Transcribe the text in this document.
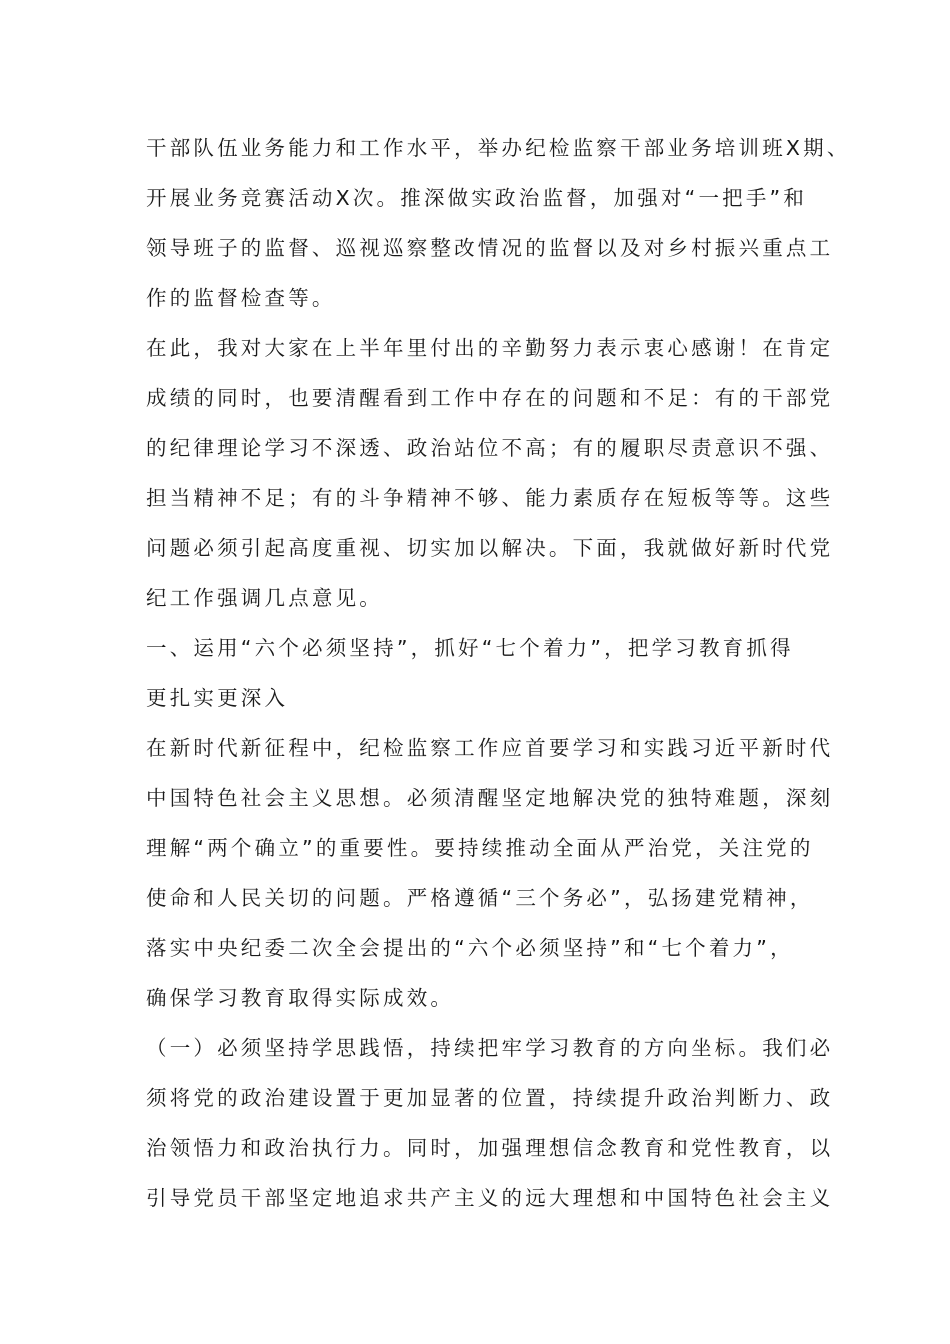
干部队伍业务能力和工作水平，举办纪检监察干部业务培训班X期、
开展业务竞赛活动X次。推深做实政治监督，加强对“一把手”和
领导班子的监督、巡视巡察整改情况的监督以及对乡村振兴重点工
作的监督检查等。
在此，我对大家在上半年里付出的辛勤努力表示衷心感谢！在肯定
成绩的同时，也要清醒看到工作中存在的问题和不足：有的干部党
的纪律理论学习不深透、政治站位不高；有的履职尽责意识不强、
担当精神不足；有的斗争精神不够、能力素质存在短板等等。这些
问题必须引起高度重视、切实加以解决。下面，我就做好新时代党
纪工作强调几点意见。
一、运用“六个必须坚持”，抓好“七个着力”，把学习教育抓得
更扎实更深入
在新时代新征程中，纪检监察工作应首要学习和实践习近平新时代
中国特色社会主义思想。必须清醒坚定地解决党的独特难题，深刻
理解“两个确立”的重要性。要持续推动全面从严治党，关注党的
使命和人民关切的问题。严格遵循“三个务必”，弘扬建党精神，
落实中央纪委二次全会提出的“六个必须坚持”和“七个着力”，
确保学习教育取得实际成效。
（一）必须坚持学思践悟，持续把牢学习教育的方向坐标。我们必
须将党的政治建设置于更加显著的位置，持续提升政治判断力、政
治领悟力和政治执行力。同时，加强理想信念教育和党性教育，以
引导党员干部坚定地追求共产主义的远大理想和中国特色社会主义
